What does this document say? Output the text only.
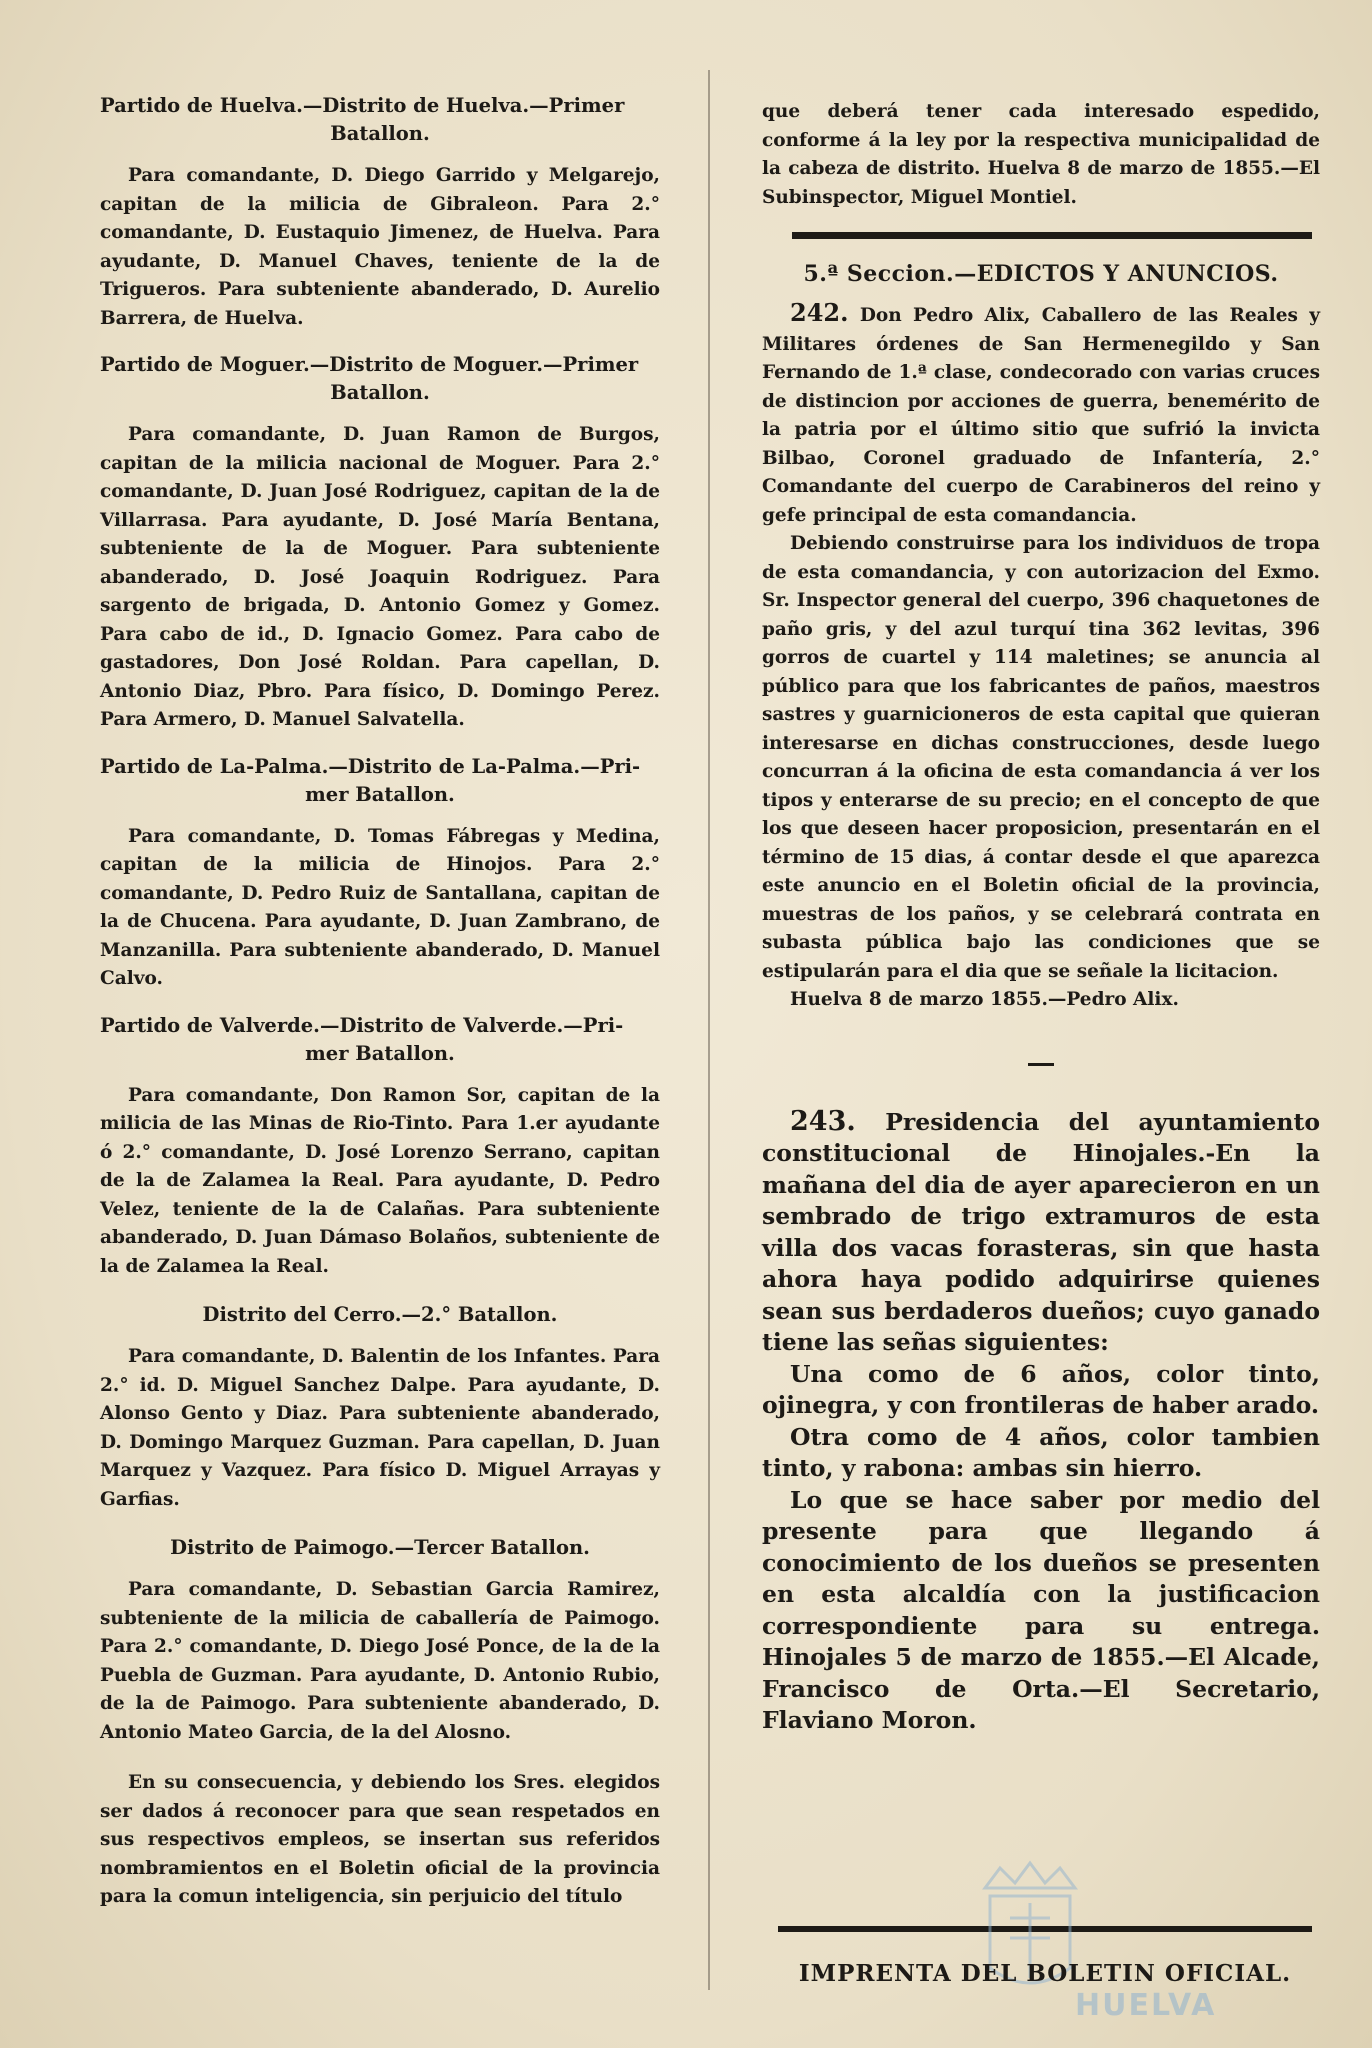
Partido de Huelva.—Distrito de Huelva.—Primer
Batallon.

Para comandante, D. Diego Garrido y Melgarejo, capitan de la milicia de Gibraleon. Para 2.° comandante, D. Eustaquio Jimenez, de Huelva. Para ayudante, D. Manuel Chaves, teniente de la de Trigueros. Para subteniente abanderado, D. Aurelio Barrera, de Huelva.

Partido de Moguer.—Distrito de Moguer.—Primer
Batallon.

Para comandante, D. Juan Ramon de Burgos, capitan de la milicia nacional de Moguer. Para 2.° comandante, D. Juan José Rodriguez, capitan de la de Villarrasa. Para ayudante, D. José María Bentana, subteniente de la de Moguer. Para subteniente abanderado, D. José Joaquin Rodriguez. Para sargento de brigada, D. Antonio Gomez y Gomez. Para cabo de id., D. Ignacio Gomez. Para cabo de gastadores, Don José Roldan. Para capellan, D. Antonio Diaz, Pbro. Para físico, D. Domingo Perez. Para Armero, D. Manuel Salvatella.

Partido de La-Palma.—Distrito de La-Palma.—Pri-
mer Batallon.

Para comandante, D. Tomas Fábregas y Medina, capitan de la milicia de Hinojos. Para 2.° comandante, D. Pedro Ruiz de Santallana, capitan de la de Chucena. Para ayudante, D. Juan Zambrano, de Manzanilla. Para subteniente abanderado, D. Manuel Calvo.

Partido de Valverde.—Distrito de Valverde.—Pri-
mer Batallon.

Para comandante, Don Ramon Sor, capitan de la milicia de las Minas de Rio-Tinto. Para 1.er ayudante ó 2.° comandante, D. José Lorenzo Serrano, capitan de la de Zalamea la Real. Para ayudante, D. Pedro Velez, teniente de la de Calañas. Para subteniente abanderado, D. Juan Dámaso Bolaños, subteniente de la de Zalamea la Real.

Distrito del Cerro.—2.° Batallon.

Para comandante, D. Balentin de los Infantes. Para 2.° id. D. Miguel Sanchez Dalpe. Para ayudante, D. Alonso Gento y Diaz. Para subteniente abanderado, D. Domingo Marquez Guzman. Para capellan, D. Juan Marquez y Vazquez. Para físico D. Miguel Arrayas y Garfias.

Distrito de Paimogo.—Tercer Batallon.

Para comandante, D. Sebastian Garcia Ramirez, subteniente de la milicia de caballería de Paimogo. Para 2.° comandante, D. Diego José Ponce, de la de la Puebla de Guzman. Para ayudante, D. Antonio Rubio, de la de Paimogo. Para subteniente abanderado, D. Antonio Mateo Garcia, de la del Alosno.

En su consecuencia, y debiendo los Sres. elegidos ser dados á reconocer para que sean respetados en sus respectivos empleos, se insertan sus referidos nombramientos en el Boletin oficial de la provincia para la comun inteligencia, sin perjuicio del título

que deberá tener cada interesado espedido, conforme á la ley por la respectiva municipalidad de la cabeza de distrito. Huelva 8 de marzo de 1855.—El Subinspector, Miguel Montiel.

5.ª Seccion.—EDICTOS Y ANUNCIOS.

242. Don Pedro Alix, Caballero de las Reales y Militares órdenes de San Hermenegildo y San Fernando de 1.ª clase, condecorado con varias cruces de distincion por acciones de guerra, benemérito de la patria por el último sitio que sufrió la invicta Bilbao, Coronel graduado de Infantería, 2.° Comandante del cuerpo de Carabineros del reino y gefe principal de esta comandancia.

Debiendo construirse para los individuos de tropa de esta comandancia, y con autorizacion del Exmo. Sr. Inspector general del cuerpo, 396 chaquetones de paño gris, y del azul turquí tina 362 levitas, 396 gorros de cuartel y 114 maletines; se anuncia al público para que los fabricantes de paños, maestros sastres y guarnicioneros de esta capital que quieran interesarse en dichas construcciones, desde luego concurran á la oficina de esta comandancia á ver los tipos y enterarse de su precio; en el concepto de que los que deseen hacer proposicion, presentarán en el término de 15 dias, á contar desde el que aparezca este anuncio en el Boletin oficial de la provincia, muestras de los paños, y se celebrará contrata en subasta pública bajo las condiciones que se estipularán para el dia que se señale la licitacion.

Huelva 8 de marzo 1855.—Pedro Alix.

243. Presidencia del ayuntamiento constitucional de Hinojales.-En la mañana del dia de ayer aparecieron en un sembrado de trigo extramuros de esta villa dos vacas forasteras, sin que hasta ahora haya podido adquirirse quienes sean sus berdaderos dueños; cuyo ganado tiene las señas siguientes:

Una como de 6 años, color tinto, ojinegra, y con frontileras de haber arado.

Otra como de 4 años, color tambien tinto, y rabona: ambas sin hierro.

Lo que se hace saber por medio del presente para que llegando á conocimiento de los dueños se presenten en esta alcaldía con la justificacion correspondiente para su entrega. Hinojales 5 de marzo de 1855.—El Alcade, Francisco de Orta.—El Secretario, Flaviano Moron.

HUELVA
IMPRENTA DEL BOLETIN OFICIAL.
